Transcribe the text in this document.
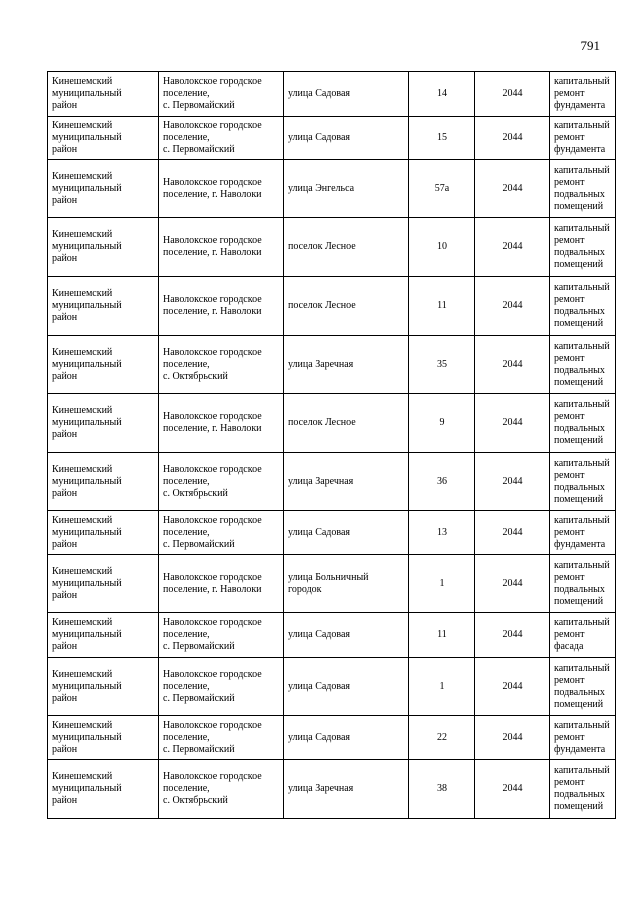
791
Кинешемский
муниципальный
район	Наволокское городское
поселение,
с. Первомайский	улица Садовая	14	2044	капитальный
ремонт
фундамента

Кинешемский
муниципальный
район	Наволокское городское
поселение,
с. Первомайский	улица Садовая	15	2044	капитальный
ремонт
фундамента

Кинешемский
муниципальный
район	Наволокское городское
поселение, г. Наволоки	улица Энгельса	57а	2044	капитальный
ремонт
подвальных
помещений

Кинешемский
муниципальный
район	Наволокское городское
поселение, г. Наволоки	поселок Лесное	10	2044	капитальный
ремонт
подвальных
помещений

Кинешемский
муниципальный
район	Наволокское городское
поселение, г. Наволоки	поселок Лесное	11	2044	капитальный
ремонт
подвальных
помещений

Кинешемский
муниципальный
район	Наволокское городское
поселение,
с. Октябрьский	улица Заречная	35	2044	капитальный
ремонт
подвальных
помещений

Кинешемский
муниципальный
район	Наволокское городское
поселение, г. Наволоки	поселок Лесное	9	2044	капитальный
ремонт
подвальных
помещений

Кинешемский
муниципальный
район	Наволокское городское
поселение,
с. Октябрьский	улица Заречная	36	2044	капитальный
ремонт
подвальных
помещений

Кинешемский
муниципальный
район	Наволокское городское
поселение,
с. Первомайский	улица Садовая	13	2044	капитальный
ремонт
фундамента

Кинешемский
муниципальный
район	Наволокское городское
поселение, г. Наволоки	улица Больничный
городок	1	2044	капитальный
ремонт
подвальных
помещений

Кинешемский
муниципальный
район	Наволокское городское
поселение,
с. Первомайский	улица Садовая	11	2044	капитальный
ремонт фасада

Кинешемский
муниципальный
район	Наволокское городское
поселение,
с. Первомайский	улица Садовая	1	2044	капитальный
ремонт
подвальных
помещений

Кинешемский
муниципальный
район	Наволокское городское
поселение,
с. Первомайский	улица Садовая	22	2044	капитальный
ремонт
фундамента

Кинешемский
муниципальный
район	Наволокское городское
поселение,
с. Октябрьский	улица Заречная	38	2044	капитальный
ремонт
подвальных
помещений
